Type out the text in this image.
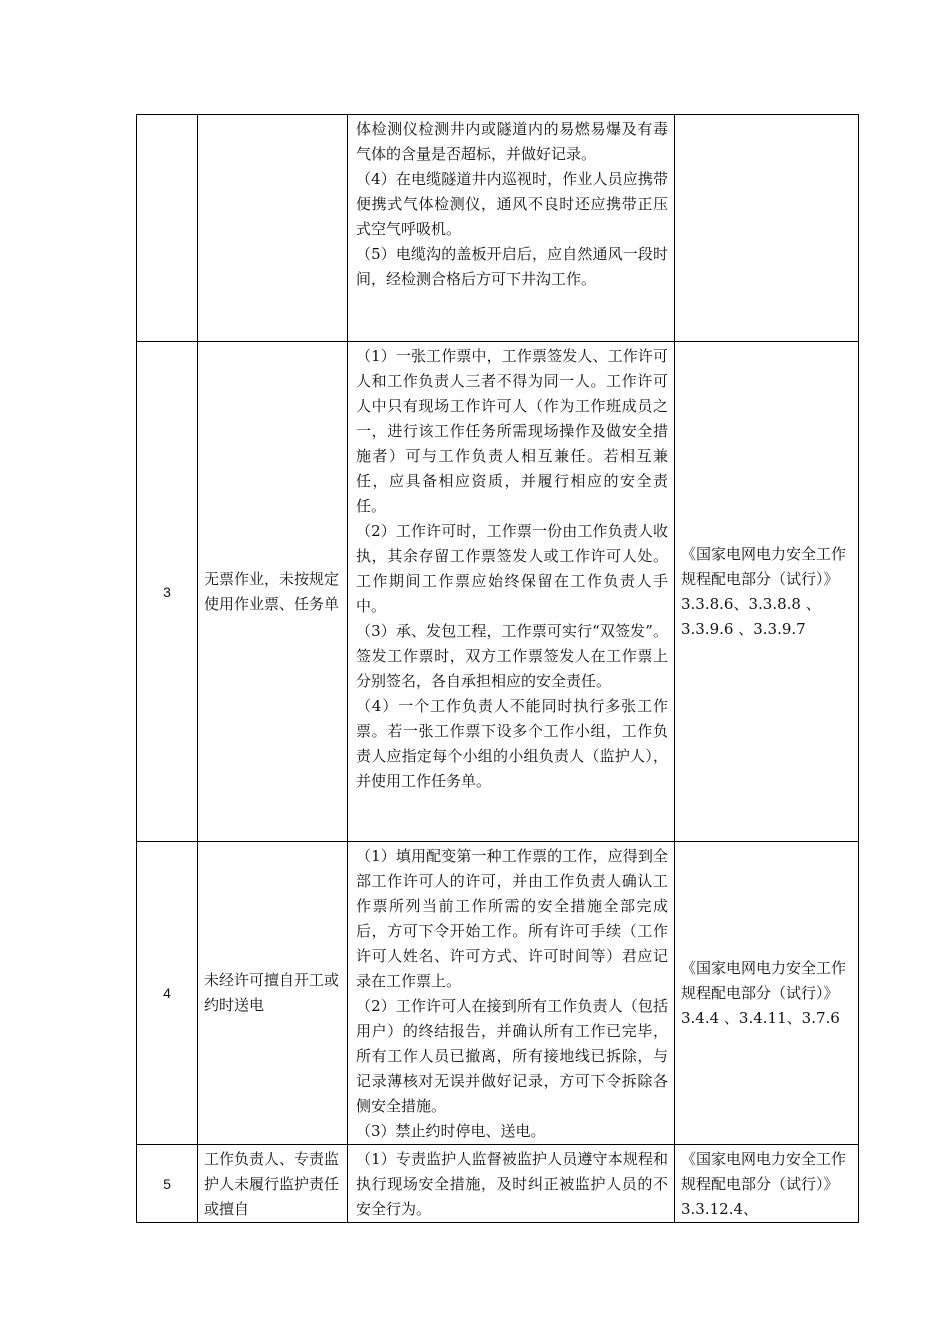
		体检测仪检测井内或隧道内的易燃易爆及有毒气体的含量是否超标，并做好记录。

（4）在电缆隧道井内巡视时，作业人员应携带便携式气体检测仪，通风不良时还应携带正压式空气呼吸机。

（5）电缆沟的盖板开启后，应自然通风一段时间，经检测合格后方可下井沟工作。	

3	无票作业，未按规定使用作业票、任务单	（1）一张工作票中，工作票签发人、工作许可人和工作负责人三者不得为同一人。工作许可人中只有现场工作许可人（作为工作班成员之一，进行该工作任务所需现场操作及做安全措施者）可与工作负责人相互兼任。若相互兼任，应具备相应资质，并履行相应的安全责任。

（2）工作许可时，工作票一份由工作负责人收执，其余存留工作票签发人或工作许可人处。工作期间工作票应始终保留在工作负责人手中。

（3）承、发包工程，工作票可实行“双签发”。签发工作票时，双方工作票签发人在工作票上分别签名，各自承担相应的安全责任。

（4）一个工作负责人不能同时执行多张工作票。若一张工作票下设多个工作小组，工作负责人应指定每个小组的小组负责人（监护人），并使用工作任务单。	《国家电网电力安全工作规程配电部分（试行）》3.3.8.6、3.3.8.8 、 3.3.9.6 、3.3.9.7
4	未经许可擅自开工或约时送电	（1）填用配变第一种工作票的工作，应得到全部工作许可人的许可，并由工作负责人确认工作票所列当前工作所需的安全措施全部完成后，方可下令开始工作。所有许可手续（工作许可人姓名、许可方式、许可时间等）君应记录在工作票上。

（2）工作许可人在接到所有工作负责人（包括用户）的终结报告，并确认所有工作已完毕，所有工作人员已撤离，所有接地线已拆除，与记录薄核对无误并做好记录，方可下令拆除各侧安全措施。

（3）禁止约时停电、送电。	《国家电网电力安全工作规程配电部分（试行）》3.4.4 、3.4.11、3.7.6
5	工作负责人、专责监护人未履行监护责任或擅自	（1）专责监护人监督被监护人员遵守本规程和执行现场安全措施，及时纠正被监护人员的不安全行为。	《国家电网电力安全工作规程配电部分（试行）》3.3.12.4、
